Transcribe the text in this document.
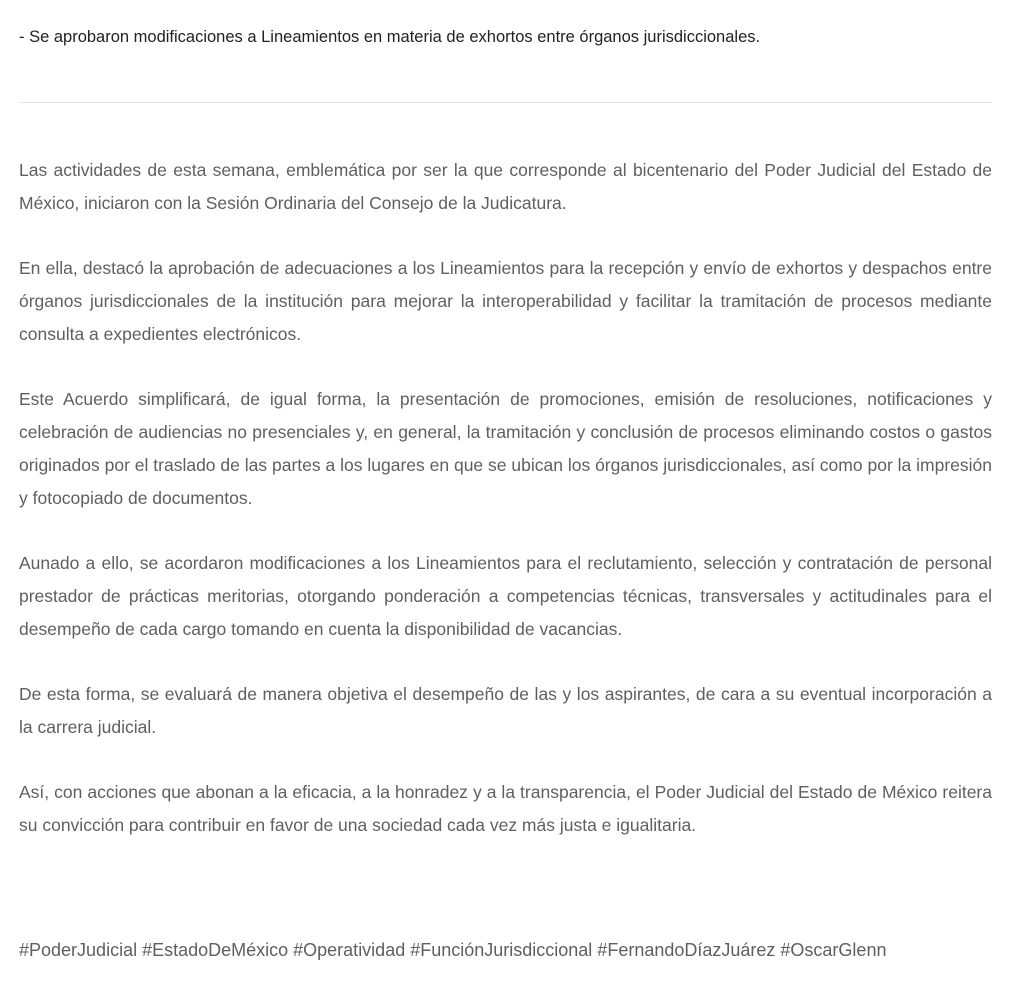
- Se aprobaron modificaciones a Lineamientos en materia de exhortos entre órganos jurisdiccionales.

Las actividades de esta semana, emblemática por ser la que corresponde al bicentenario del Poder Judicial del Estado de México, iniciaron con la Sesión Ordinaria del Consejo de la Judicatura.

En ella, destacó la aprobación de adecuaciones a los Lineamientos para la recepción y envío de exhortos y despachos entre órganos jurisdiccionales de la institución para mejorar la interoperabilidad y facilitar la tramitación de procesos mediante consulta a expedientes electrónicos.

Este Acuerdo simplificará, de igual forma, la presentación de promociones, emisión de resoluciones, notificaciones y celebración de audiencias no presenciales y, en general, la tramitación y conclusión de procesos eliminando costos o gastos originados por el traslado de las partes a los lugares en que se ubican los órganos jurisdiccionales, así como por la impresión y fotocopiado de documentos.

Aunado a ello, se acordaron modificaciones a los Lineamientos para el reclutamiento, selección y contratación de personal prestador de prácticas meritorias, otorgando ponderación a competencias técnicas, transversales y actitudinales para el desempeño de cada cargo tomando en cuenta la disponibilidad de vacancias.

De esta forma, se evaluará de manera objetiva el desempeño de las y los aspirantes, de cara a su eventual incorporación a la carrera judicial.

Así, con acciones que abonan a la eficacia, a la honradez y a la transparencia, el Poder Judicial del Estado de México reitera su convicción para contribuir en favor de una sociedad cada vez más justa e igualitaria.

#PoderJudicial #EstadoDeMéxico #Operatividad #FunciónJurisdiccional #FernandoDíazJuárez #OscarGlenn
